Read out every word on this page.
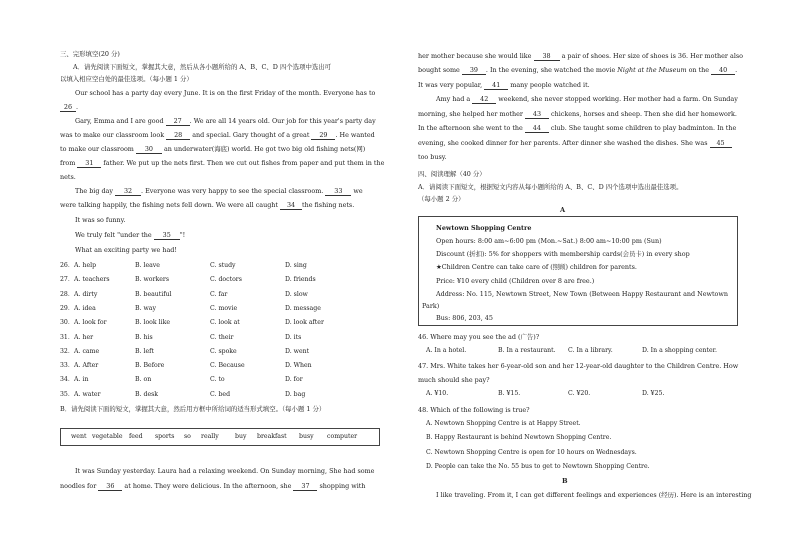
三、完形填空(20 分)
A．请先阅读下面短文，掌握其大意，然后从各小题所给的 A、B、C、D 四个选项中选出可
以填入相应空白处的最佳选项。（每小题 1 分）
Our school has a party day every June. It is on the first Friday of the month. Everyone has to
26 .
Gary, Emma and I are good 27 . We are all 14 years old. Our job for this year's party day
was to make our classroom look 28 and special. Gary thought of a great 29 . He wanted
to make our classroom 30 an underwater(海底) world. He got two big old fishing nets(网)
from 31 father. We put up the nets first. Then we cut out fishes from paper and put them in the
nets.
The big day 32 . Everyone was very happy to see the special classroom. 33 we
were talking happily, the fishing nets fell down. We were all caught 34 the fishing nets.
It was so funny.
We truly felt "under the 35 "!
What an exciting party we had!
26．A. help	B. leave	C. study	D. sing
27．A. teachers	B. workers	C. doctors	D. friends
28．A. dirty	B. beautiful	C. far	D. slow
29．A. idea	B. way	C. movie	D. message
30．A. look for	B. look like	C. look at	D. look after
31．A. her	B. his	C. their	D. its
32．A. came	B. left	C. spoke	D. went
33．A. After	B. Before	C. Because	D. When
34．A. in	B. on	C. to	D. for
35．A. water	B. desk	C. bed	D. bag
B．请先阅读下面的短文，掌握其大意，然后用方框中所给词的适当形式填空。（每小题 1 分）
went vegetable feed sports so really	buy breakfast busy computer
It was Sunday yesterday. Laura had a relaxing weekend. On Sunday morning, She had some
noodles for 36 at home. They were delicious. In the afternoon, she 37 shopping with
her mother because she would like 38 a pair of shoes. Her size of shoes is 36. Her mother also
bought some 39 . In the evening, she watched the movie Night at the Museum on the 40 .
It was very popular, 41 many people watched it.
Amy had a 42 weekend, she never stopped working. Her mother had a farm. On Sunday
morning, she helped her mother 43 chickens, horses and sheep. Then she did her homework.
In the afternoon she went to the 44 club. She taught some children to play badminton. In the
evening, she cooked dinner for her parents. After dinner she washed the dishes. She was 45
too busy.
四、阅读理解（40 分）
A．请阅读下面短文，根据短文内容从每小题所给的 A、B、C、D 四个选项中选出最佳选项。
（每小题 2 分）
A
Newtown Shopping Centre
Open hours: 8:00 am~6:00 pm (Mon.~Sat.) 8:00 am~10:00 pm (Sun)
Discount (折扣): 5% for shoppers with membership cards(会员卡) in every shop
★Children Centre can take care of (照顾) children for parents.
Price: ¥10 every child (Children over 8 are free.)
Address: No. 115, Newtown Street, New Town (Between Happy Restaurant and Newtown
Park)
Bus: 806, 203, 45
46. Where may you see the ad (广告)?
A. In a hotel.	B. In a restaurant. C. In a library.	D. In a shopping center.
47. Mrs. White takes her 6-year-old son and her 12-year-old daughter to the Children Centre. How
much should she pay?
A. ¥10.	B. ¥15.	C. ¥20.	D. ¥25.
48. Which of the following is true?
A. Newtown Shopping Centre is at Happy Street.
B. Happy Restaurant is behind Newtown Shopping Centre.
C. Newtown Shopping Centre is open for 10 hours on Wednesdays.
D. People can take the No. 55 bus to get to Newtown Shopping Centre.
B
I like traveling. From it, I can get different feelings and experiences (经历). Here is an interesting
